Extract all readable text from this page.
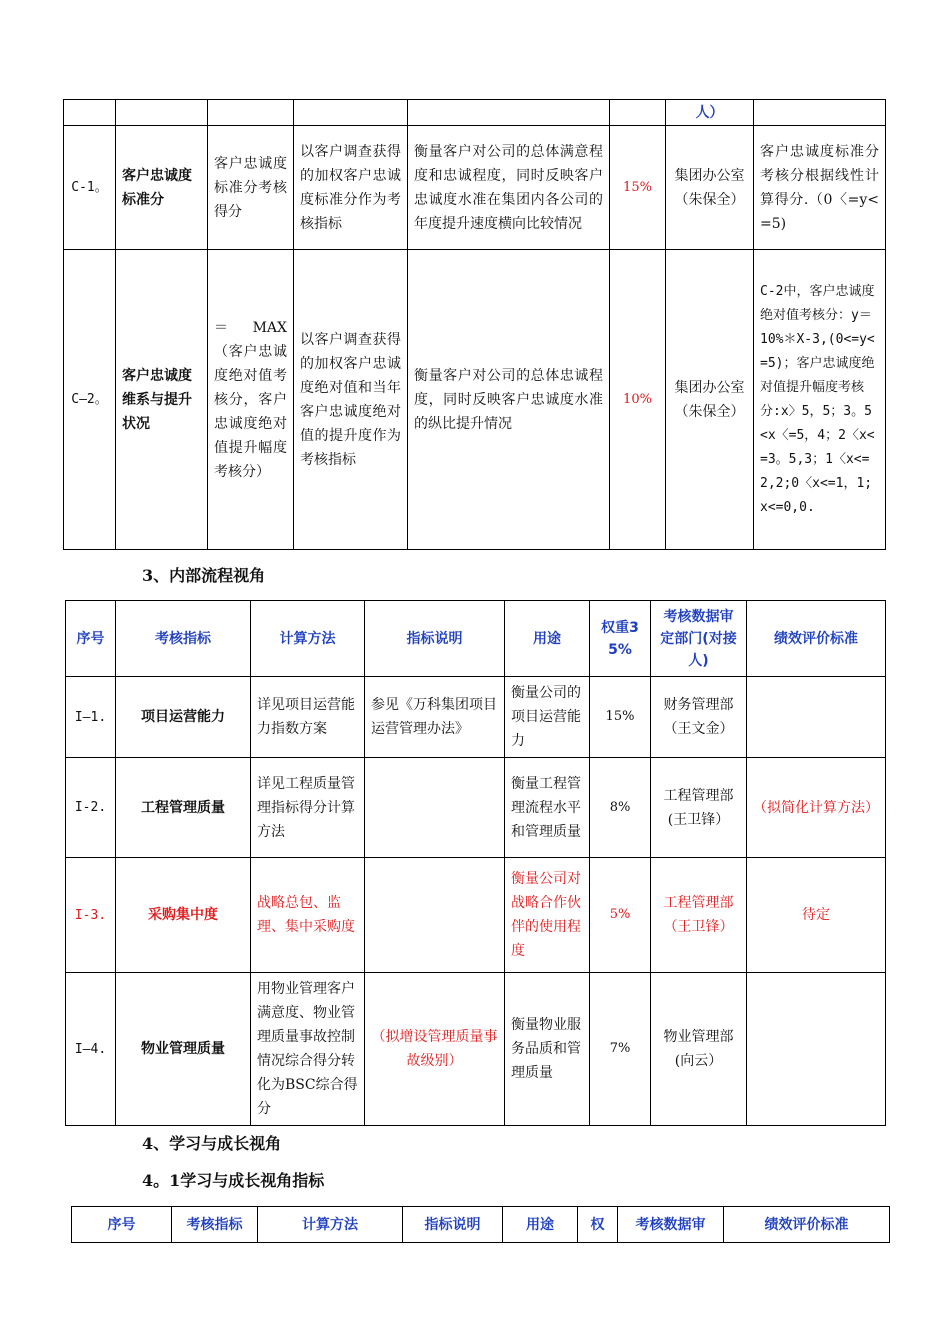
						人）	
C-1。	客户忠诚度标准分	客户忠诚度标准分考核得分	以客户调查获得的加权客户忠诚度标准分作为考核指标	衡量客户对公司的总体满意程度和忠诚程度，同时反映客户忠诚度水准在集团内各公司的年度提升速度横向比较情况	15%	集团办公室（朱保全）	客户忠诚度标准分考核分根据线性计算得分.（0〈=y<=5)
C—2。	客户忠诚度维系与提升状况	＝ MAX（客户忠诚度绝对值考核分，客户忠诚度绝对值提升幅度考核分）	以客户调查获得的加权客户忠诚度绝对值和当年客户忠诚度绝对值的提升度作为考核指标	衡量客户对公司的总体忠诚程度，同时反映客户忠诚度水准的纵比提升情况	10%	集团办公室（朱保全）	C-2中，客户忠诚度绝对值考核分：y＝10%＊X-3,(0<=y<=5)；客户忠诚度绝对值提升幅度考核分:x〉5，5；3。5<x〈=5，4；2〈x<=3。5,3；1〈x<=2,2;0〈x<=1，1;x<=0,0.
3、内部流程视角
序号	考核指标	计算方法	指标说明	用途	权重35%	考核数据审定部门(对接人)	绩效评价标准
I—1.	项目运营能力	详见项目运营能力指数方案	参见《万科集团项目运营管理办法》	衡量公司的项目运营能力	15%	财务管理部（王文金）	
I-2.	工程管理质量	详见工程质量管理指标得分计算方法		衡量工程管理流程水平和管理质量	8%	工程管理部(王卫锋）	（拟简化计算方法）
I-3.	采购集中度	战略总包、监理、集中采购度		衡量公司对战略合作伙伴的使用程度	5%	工程管理部（王卫锋）	待定
I—4.	物业管理质量	用物业管理客户满意度、物业管理质量事故控制情况综合得分转化为BSC综合得分	（拟增设管理质量事故级别）	衡量物业服务品质和管理质量	7%	物业管理部(向云）	
4、学习与成长视角
4。1学习与成长视角指标
序号	考核指标	计算方法	指标说明	用途	权	考核数据审	绩效评价标准
